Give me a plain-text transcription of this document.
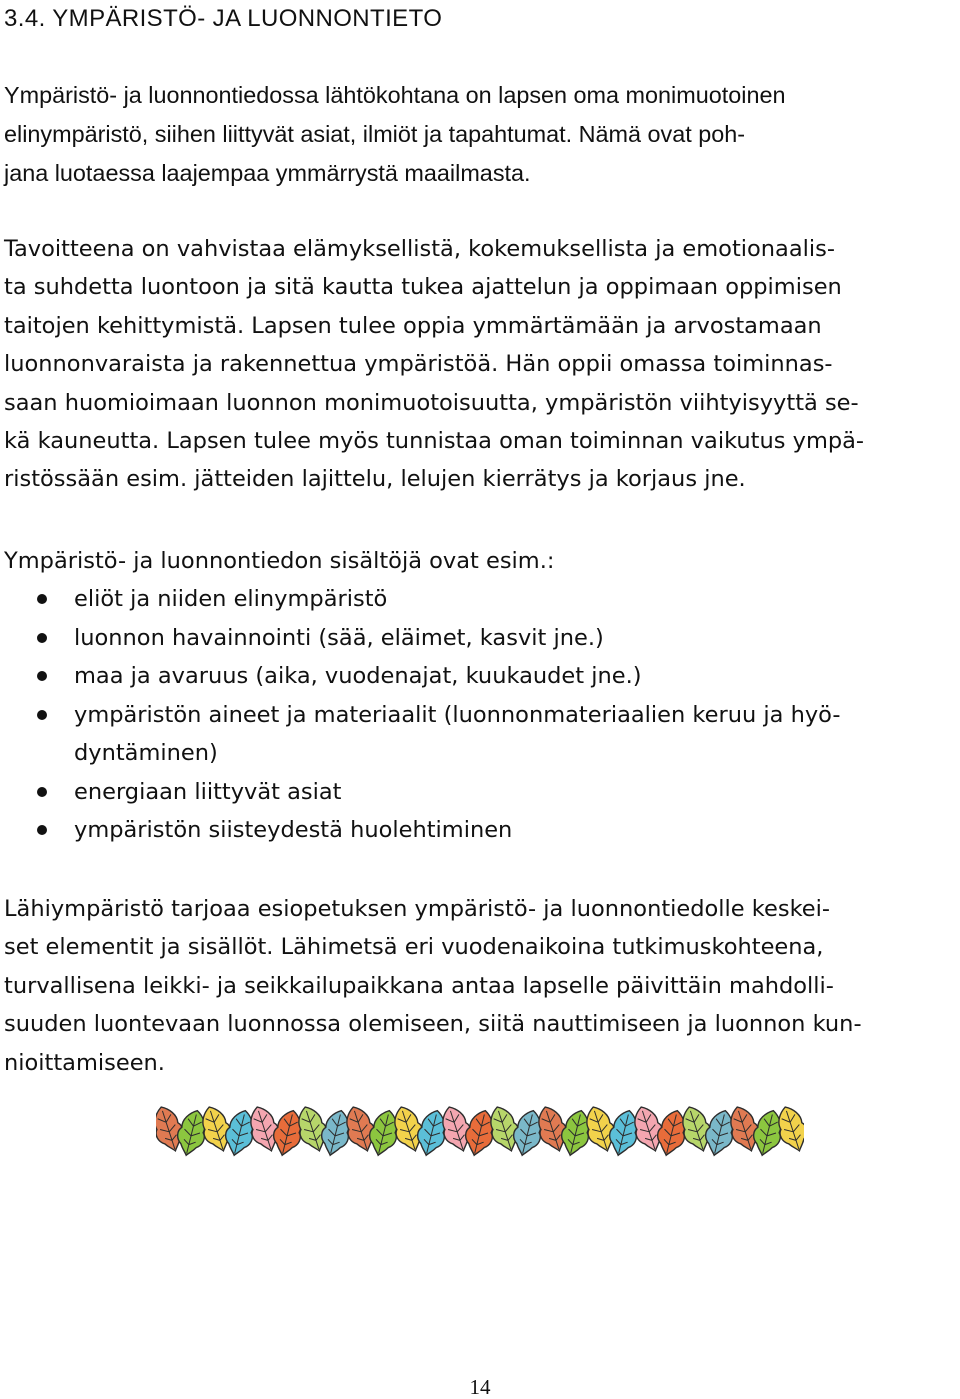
3.4. YMPÄRISTÖ- JA LUONNONTIETO

Ympäristö- ja luonnontiedossa lähtökohtana on lapsen oma monimuotoinen
elinympäristö, siihen liittyvät asiat, ilmiöt ja tapahtumat. Nämä ovat poh-
jana luotaessa laajempaa ymmärrystä maailmasta.

Tavoitteena on vahvistaa elämyksellistä, kokemuksellista ja emotionaalis-
ta suhdetta luontoon ja sitä kautta tukea ajattelun ja oppimaan oppimisen
taitojen kehittymistä. Lapsen tulee oppia ymmärtämään ja arvostamaan
luonnonvaraista ja rakennettua ympäristöä. Hän oppii omassa toiminnas-
saan huomioimaan luonnon monimuotoisuutta, ympäristön viihtyisyyttä se-
kä kauneutta. Lapsen tulee myös tunnistaa oman toiminnan vaikutus ympä-
ristössään esim. jätteiden lajittelu, lelujen kierrätys ja korjaus jne.

Ympäristö- ja luonnontiedon sisältöjä ovat esim.:

eliöt ja niiden elinympäristö
luonnon havainnointi (sää, eläimet, kasvit jne.)
maa ja avaruus (aika, vuodenajat, kuukaudet jne.)
ympäristön aineet ja materiaalit (luonnonmateriaalien keruu ja hyö-
dyntäminen)
energiaan liittyvät asiat
ympäristön siisteydestä huolehtiminen

Lähiympäristö tarjoaa esiopetuksen ympäristö- ja luonnontiedolle keskei-
set elementit ja sisällöt. Lähimetsä eri vuodenaikoina tutkimuskohteena,
turvallisena leikki- ja seikkailupaikkana antaa lapselle päivittäin mahdolli-
suuden luontevaan luonnossa olemiseen, siitä nauttimiseen ja luonnon kun-
nioittamiseen.

14
